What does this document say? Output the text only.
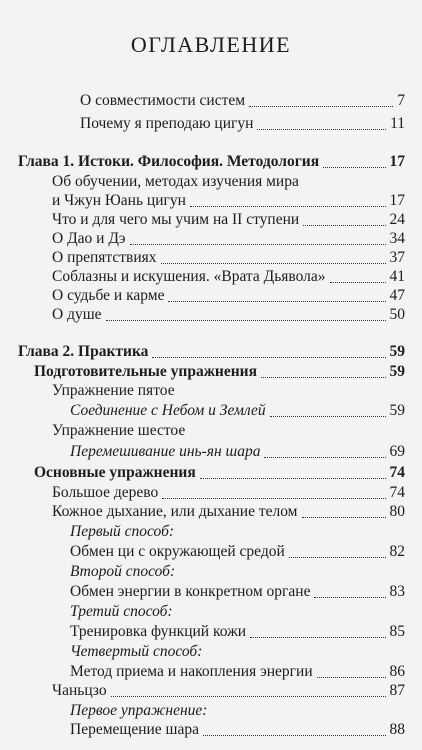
ОГЛАВЛЕНИЕ
О совместимости систем	7
Почему я преподаю цигун	11
Глава 1. Истоки. Философия. Методология	17
Об обучении, методах изучения мира
и Чжун Юань цигун	17
Что и для чего мы учим на II ступени	24
О Дао и Дэ	34
О препятствиях	37
Соблазны и искушения. «Врата Дьявола»	41
О судьбе и карме	47
О душе	50
Глава 2. Практика	59
Подготовительные упражнения	59
Упражнение пятое
Соединение с Небом и Землей	59
Упражнение шестое
Перемешивание инь-ян шара	69
Основные упражнения	74
Большое дерево	74
Кожное дыхание, или дыхание телом	80
Первый способ:
Обмен ци с окружающей средой	82
Второй способ:
Обмен энергии в конкретном органе	83
Третий способ:
Тренировка функций кожи	85
Четвертый способ:
Метод приема и накопления энергии	86
Чаньцзо	87
Первое упражнение:
Перемещение шара	88
